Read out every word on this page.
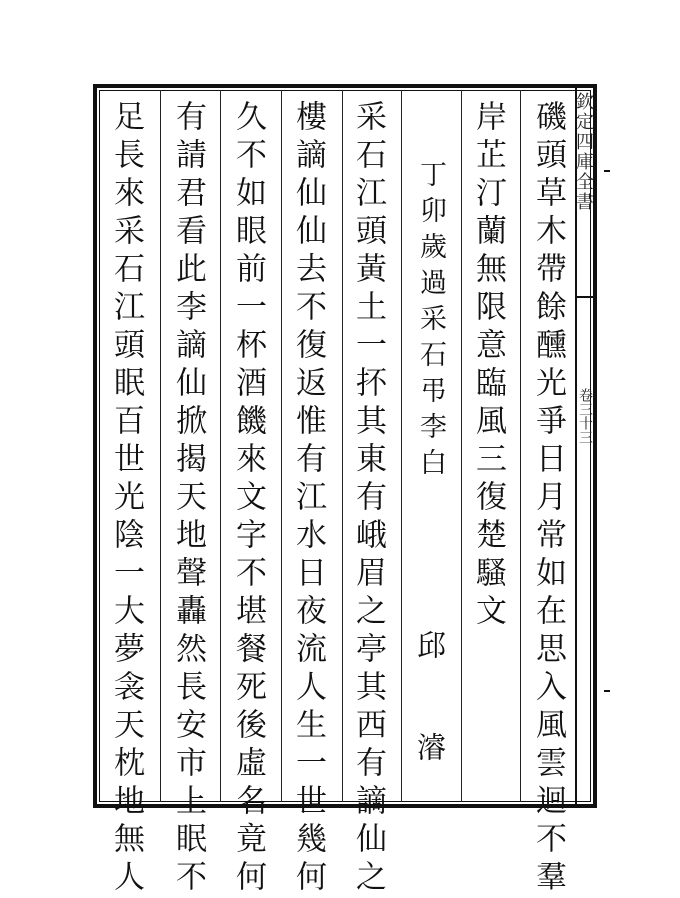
欽定四庫全書
卷三十三
磯頭草木帶餘醺光爭日月常如在思入風雲迴不羣
岸芷汀蘭無限意臨風三復楚騷文
丁卯歲過采石弔李白
邱　濬
采石江頭黃土一抔其東有峨眉之亭其西有謫仙之
樓謫仙仙去不復返惟有江水日夜流人生一世幾何
久不如眼前一杯酒饑來文字不堪餐死後虛名竟何
有請君看此李謫仙掀揭天地聲轟然長安市上眠不
足長來采石江頭眠百世光陰一大夢衾天枕地無人
